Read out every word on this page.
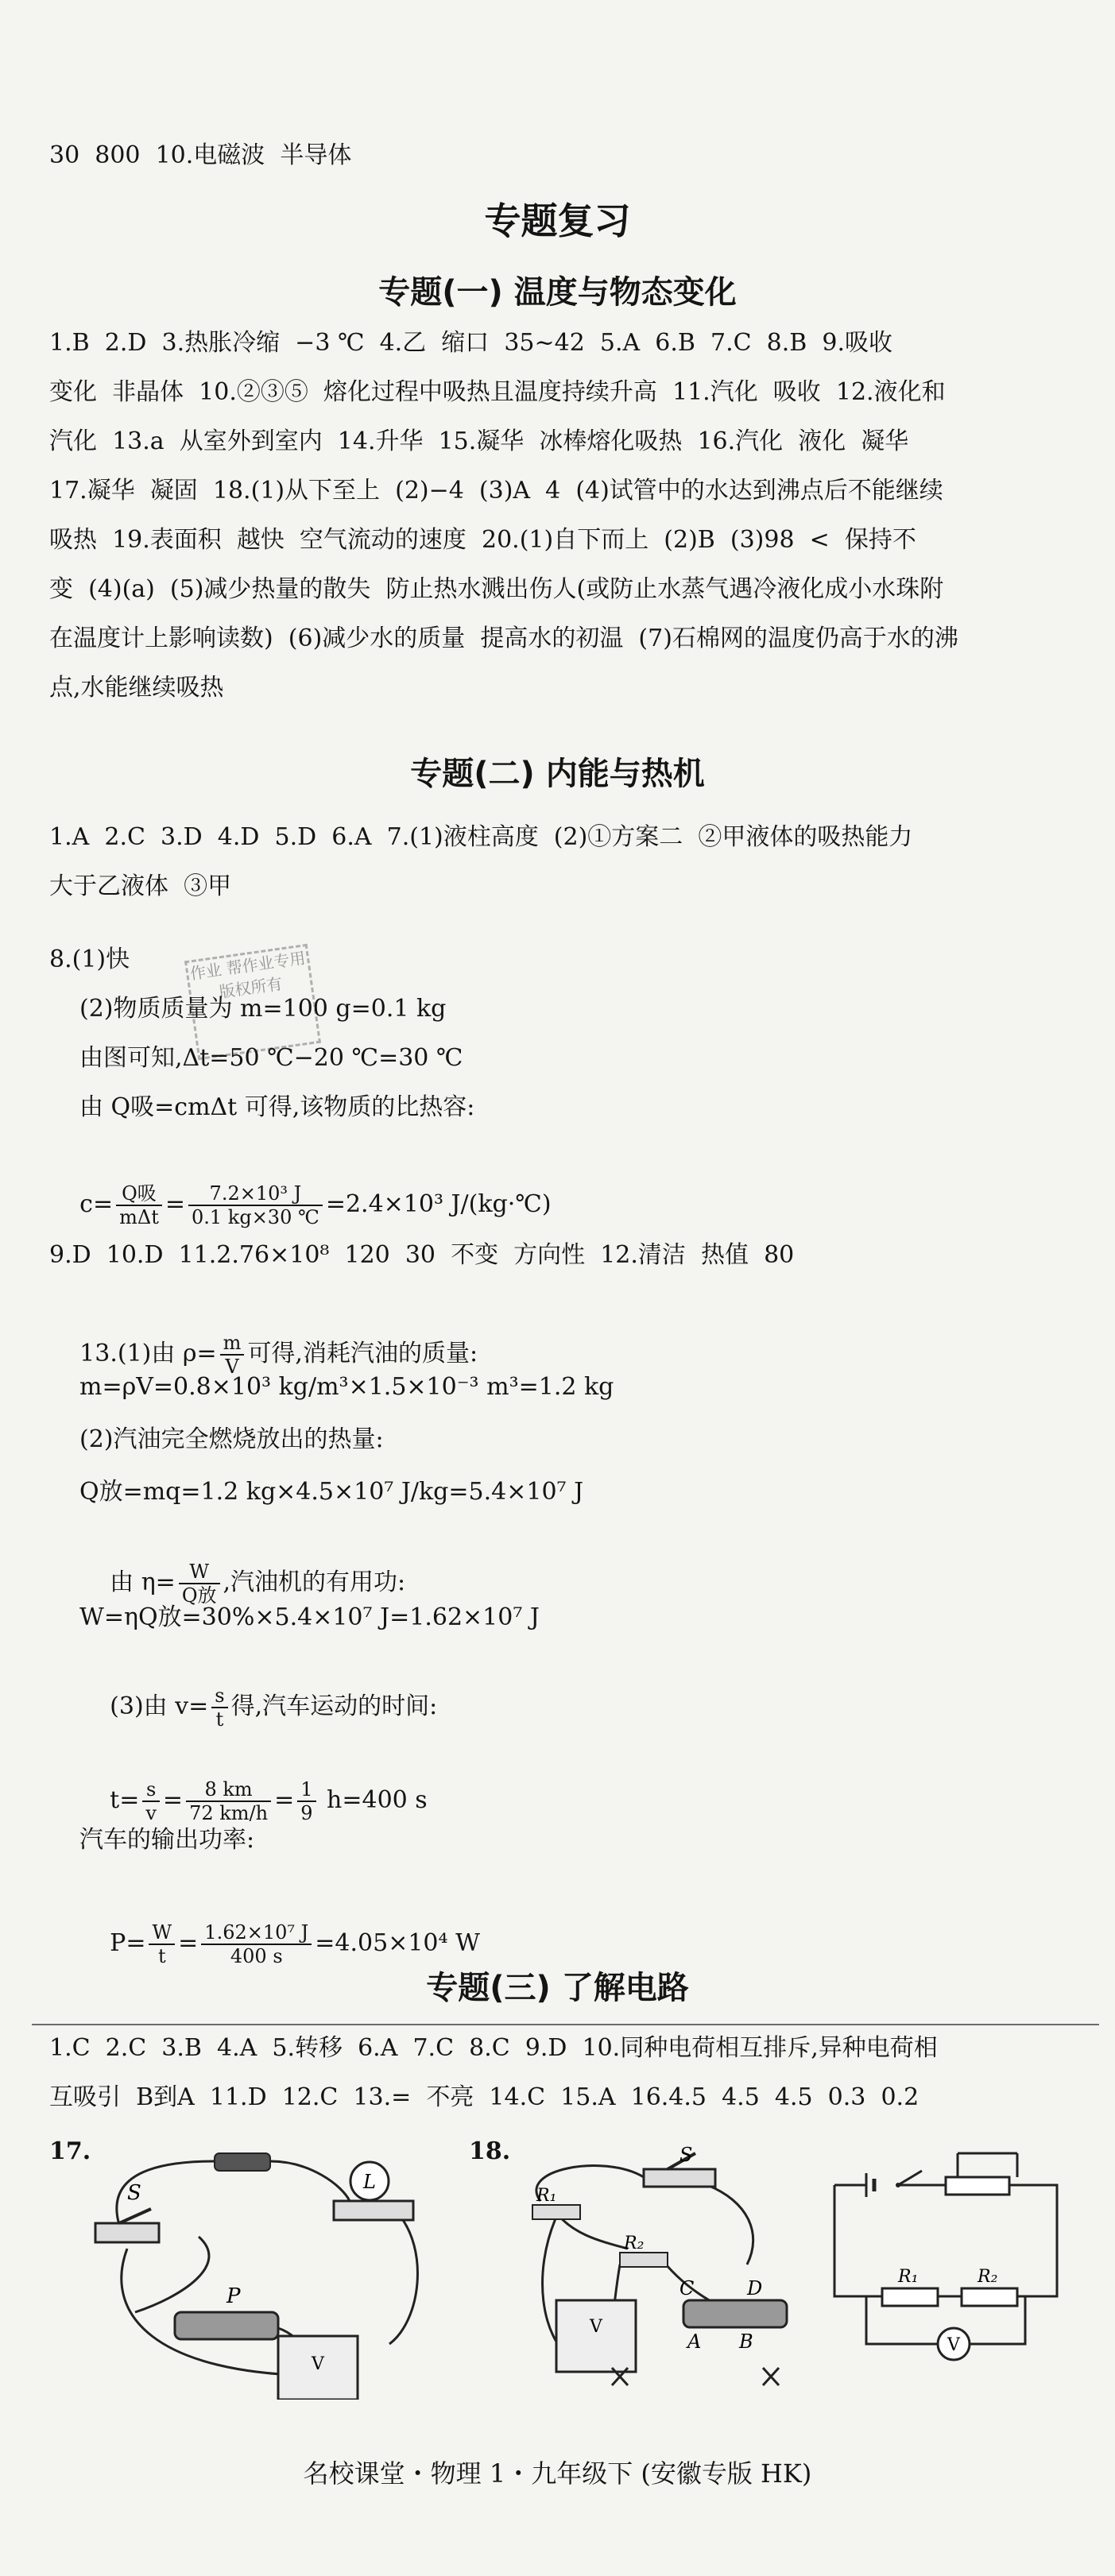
30  800  10.电磁波  半导体
专题复习
专题(一) 温度与物态变化
1.B  2.D  3.热胀冷缩  −3 ℃  4.乙  缩口  35~42  5.A  6.B  7.C  8.B  9.吸收
变化  非晶体  10.②③⑤  熔化过程中吸热且温度持续升高  11.汽化  吸收  12.液化和
汽化  13.a  从室外到室内  14.升华  15.凝华  冰棒熔化吸热  16.汽化  液化  凝华
17.凝华  凝固  18.(1)从下至上  (2)−4  (3)A  4  (4)试管中的水达到沸点后不能继续
吸热  19.表面积  越快  空气流动的速度  20.(1)自下而上  (2)B  (3)98  <  保持不
变  (4)(a)  (5)减少热量的散失  防止热水溅出伤人(或防止水蒸气遇冷液化成小水珠附
在温度计上影响读数)  (6)减少水的质量  提高水的初温  (7)石棉网的温度仍高于水的沸
点,水能继续吸热
专题(二) 内能与热机
1.A  2.C  3.D  4.D  5.D  6.A  7.(1)液柱高度  (2)①方案二  ②甲液体的吸热能力
大于乙液体  ③甲
作业 帮作业专用 版权所有
8.(1)快
(2)物质质量为 m=100 g=0.1 kg
由图可知,Δt=50 ℃−20 ℃=30 ℃
由 Q吸=cmΔt 可得,该物质的比热容:

$c= \frac{\text{Q吸}}{\text{mΔt}} = \frac{\text{7.2×10³ J}}{0.1 kg\times 30 ℃} =2.4\times 10^3$ J/(kg·℃)

9.D  10.D  11.2.76×10⁸  120  30  不变  方向性  12.清洁  热值  80

13.(1)由 $\rho= \frac{m}{V}$ 可得,消耗汽油的质量:

m=ρV=0.8×10³ kg/m³×1.5×10⁻³ m³=1.2 kg
(2)汽油完全燃烧放出的热量:
Q放=mq=1.2 kg×4.5×10⁷ J/kg=5.4×10⁷ J

由 $\eta= \frac{W}{\text{Q放}}$ ,汽油机的有用功:

W=ηQ放=30%×5.4×10⁷ J=1.62×10⁷ J

(3)由 $v= \frac{s}{t}$ 得,汽车运动的时间:

$t= \frac{s}{v} = \frac{8 km}{72 km/h} = \frac{1}{9} h=400$ s

汽车的输出功率:

$P= \frac{W}{t} = \frac{\text{1.62×10⁷ J}}{400 s} =4.05\times 10^4$ W

专题(三) 了解电路
1.C  2.C  3.B  4.A  5.转移  6.A  7.C  8.C  9.D  10.同种电荷相互排斥,异种电荷相
互吸引  B到A  11.D  12.C  13.=  不亮  14.C  15.A  16.4.5  4.5  4.5  0.3  0.2
17.	18.
S	L
P
V
R₁
R₂
S
C	D
A B
V
V
R₁	R₂
名校课堂・物理 1・九年级下 (安徽专版 HK)
